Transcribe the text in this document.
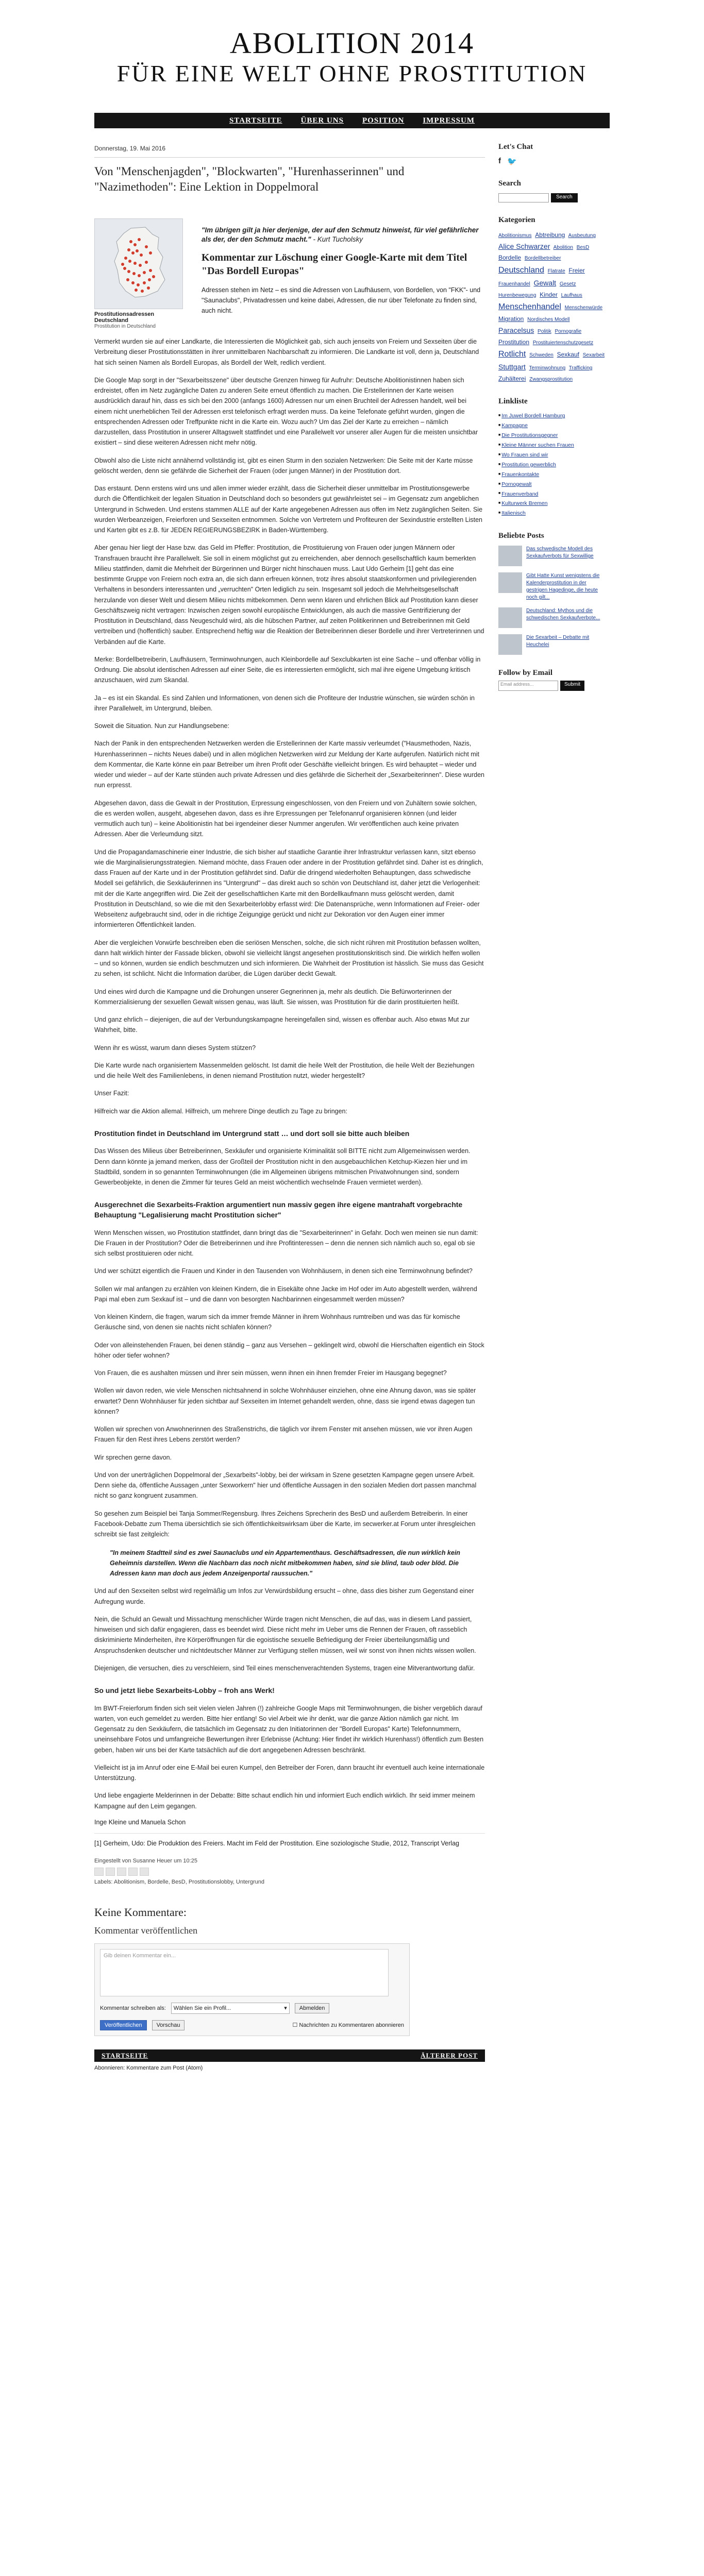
ABOLITION 2014
FÜR EINE WELT OHNE PROSTITUTION
STARTSEITE ÜBER UNS POSITION IMPRESSUM
Donnerstag, 19. Mai 2016
Von "Menschenjagden", "Blockwarten", "Hurenhasserinnen" und "Nazimethoden": Eine Lektion in Doppelmoral
Prostitutionsadressen Deutschland
Prostitution in Deutschland
"Im übrigen gilt ja hier derjenige, der auf den Schmutz hinweist, für viel gefährlicher als der, der den Schmutz macht." - Kurt Tucholsky
Kommentar zur Löschung einer Google-Karte mit dem Titel "Das Bordell Europas"
Adressen stehen im Netz – es sind die Adressen von Laufhäusern, von Bordellen, von "FKK"- und "Saunaclubs", Privatadressen und keine dabei, Adressen, die nur über Telefonate zu finden sind, auch nicht.
Vermerkt wurden sie auf einer Landkarte, die Interessierten die Möglichkeit gab, sich auch jenseits von Freiern und Sexseiten über die Verbreitung dieser Prostitutionsstätten in ihrer unmittelbaren Nachbarschaft zu informieren. Die Landkarte ist voll, denn ja, Deutschland hat sich seinen Namen als Bordell Europas, als Bordell der Welt, redlich verdient.
Die Google Map sorgt in der "Sexarbeitsszene" über deutsche Grenzen hinweg für Aufruhr: Deutsche Abolitionistinnen haben sich erdreistet, offen im Netz zugängliche Daten zu anderen Seite erneut öffentlich zu machen. Die Erstellerinnen der Karte weisen ausdrücklich darauf hin, dass es sich bei den 2000 (anfangs 1600) Adressen nur um einen Bruchteil der Adressen handelt, weil bei einem nicht unerheblichen Teil der Adressen erst telefonisch erfragt werden muss. Da keine Telefonate geführt wurden, gingen die entsprechenden Adressen oder Treffpunkte nicht in die Karte ein. Wozu auch? Um das Ziel der Karte zu erreichen – nämlich darzustellen, dass Prostitution in unserer Alltagswelt stattfindet und eine Parallelwelt vor unserer aller Augen für die meisten unsichtbar existiert – sind diese weiteren Adressen nicht mehr nötig.
Obwohl also die Liste nicht annähernd vollständig ist, gibt es einen Sturm in den sozialen Netzwerken: Die Seite mit der Karte müsse gelöscht werden, denn sie gefährde die Sicherheit der Frauen (oder jungen Männer) in der Prostitution dort.
Das erstaunt. Denn erstens wird uns und allen immer wieder erzählt, dass die Sicherheit dieser unmittelbar im Prostitutionsgewerbe durch die Öffentlichkeit der legalen Situation in Deutschland doch so besonders gut gewährleistet sei – im Gegensatz zum angeblichen Untergrund in Schweden. Und erstens stammen ALLE auf der Karte angegebenen Adressen aus offen im Netz zugänglichen Seiten. Sie wurden Werbeanzeigen, Freierforen und Sexseiten entnommen. Solche von Vertretern und Profiteuren der Sexindustrie erstellten Listen und Karten gibt es z.B. für JEDEN REGIERUNGSBEZIRK in Baden-Württemberg.
Aber genau hier liegt der Hase bzw. das Geld im Pfeffer: Prostitution, die Prostituierung von Frauen oder jungen Männern oder Transfrauen braucht ihre Parallelwelt. Sie soll in einem möglichst gut zu erreichenden, aber dennoch gesellschaftlich kaum bemerkten Milieu stattfinden, damit die Mehrheit der Bürgerinnen und Bürger nicht hinschauen muss. Laut Udo Gerheim [1] geht das eine bestimmte Gruppe von Freiern noch extra an, die sich dann erfreuen können, trotz ihres absolut staatskonformen und privilegierenden Verhaltens in besonders interessanten und „verruchten" Orten lediglich zu sein. Insgesamt soll jedoch die Mehrheitsgesellschaft herzulande von dieser Welt und diesem Milieu nichts mitbekommen. Denn wenn klaren und ehrlichen Blick auf Prostitution kann dieser Geschäftszweig nicht vertragen: Inzwischen zeigen sowohl europäische Entwicklungen, als auch die massive Gentrifizierung der Prostitution in Deutschland, dass Neugeschuld wird, als die hübschen Partner, auf zeiten Politikerinnen und Betreiberinnen mit Geld vertreiben und (hoffentlich) sauber. Entsprechend heftig war die Reaktion der Betreiberinnen dieser Bordelle und ihrer Vertreterinnen und Verbänden auf die Karte.
Merke: Bordellbetreiberin, Laufhäusern, Terminwohnungen, auch Kleinbordelle auf Sexclubkarten ist eine Sache – und offenbar völlig in Ordnung. Die absolut identischen Adressen auf einer Seite, die es interessierten ermöglicht, sich mal ihre eigene Umgebung kritisch anzuschauen, wird zum Skandal.
Ja – es ist ein Skandal. Es sind Zahlen und Informationen, von denen sich die Profiteure der Industrie wünschen, sie würden schön in ihrer Parallelwelt, im Untergrund, bleiben.
Soweit die Situation. Nun zur Handlungsebene:
Nach der Panik in den entsprechenden Netzwerken werden die Erstellerinnen der Karte massiv verleumdet ("Hausmethoden, Nazis, Hurenhasserinnen – nichts Neues dabei) und in allen möglichen Netzwerken wird zur Meldung der Karte aufgerufen. Natürlich nicht mit dem Kommentar, die Karte könne ein paar Betreiber um ihren Profit oder Geschäfte vielleicht bringen. Es wird behauptet – wieder und wieder und wieder – auf der Karte stünden auch private Adressen und dies gefährde die Sicherheit der „Sexarbeiterinnen". Diese wurden nun erpresst.
Abgesehen davon, dass die Gewalt in der Prostitution, Erpressung eingeschlossen, von den Freiern und von Zuhältern sowie solchen, die es werden wollen, ausgeht, abgesehen davon, dass es ihre Erpressungen per Telefonanruf organisieren können (und leider vermutlich auch tun) – keine Abolitionistin hat bei irgendeiner dieser Nummer angerufen. Wir veröffentlichen auch keine privaten Adressen. Aber die Verleumdung sitzt.
Und die Propagandamaschinerie einer Industrie, die sich bisher auf staatliche Garantie ihrer Infrastruktur verlassen kann, sitzt ebenso wie die Marginalisierungsstrategien. Niemand möchte, dass Frauen oder andere in der Prostitution gefährdet sind. Daher ist es dringlich, dass Frauen auf der Karte und in der Prostitution gefährdet sind. Dafür die dringend wiederholten Behauptungen, dass schwedische Modell sei gefährlich, die Sexkäuferinnen ins "Untergrund" – das direkt auch so schön von Deutschland ist, daher jetzt die Verlogenheit: mit der die Karte angegriffen wird. Die Zeit der gesellschaftlichen Karte mit den Bordellkaufmann muss gelöscht werden, damit Prostitution in Deutschland, so wie die mit den Sexarbeiterlobby erfasst wird: Die Datenansprüche, wenn Informationen auf Freier- oder Webseitenz aufgebraucht sind, oder in die richtige Zeigungige gerückt und nicht zur Dekoration vor den Augen einer immer informierteren Öffentlichkeit landen.
Aber die vergleichen Vorwürfe beschreiben eben die seriösen Menschen, solche, die sich nicht rühren mit Prostitution befassen wollten, dann halt wirklich hinter der Fassade blicken, obwohl sie vielleicht längst angesehen prostitutionskritisch sind. Die wirklich helfen wollen – und so können, wurden sie endlich beschmutzen und sich informieren. Die Wahrheit der Prostitution ist hässlich. Sie muss das Gesicht zu sehen, ist schlicht. Nicht die Information darüber, die Lügen darüber deckt Gewalt.
Und eines wird durch die Kampagne und die Drohungen unserer Gegnerinnen ja, mehr als deutlich. Die Befürworterinnen der Kommerzialisierung der sexuellen Gewalt wissen genau, was läuft. Sie wissen, was Prostitution für die darin prostituierten heißt.
Und ganz ehrlich – diejenigen, die auf der Verbundungskampagne hereingefallen sind, wissen es offenbar auch. Also etwas Mut zur Wahrheit, bitte.
Wenn ihr es wüsst, warum dann dieses System stützen?
Die Karte wurde nach organisiertem Massenmelden gelöscht. Ist damit die heile Welt der Prostitution, die heile Welt der Beziehungen und die heile Welt des Familienlebens, in denen niemand Prostitution nutzt, wieder hergestellt?
Unser Fazit:
Hilfreich war die Aktion allemal. Hilfreich, um mehrere Dinge deutlich zu Tage zu bringen:
Prostitution findet in Deutschland im Untergrund statt … und dort soll sie bitte auch bleiben
Das Wissen des Milieus über Betreiberinnen, Sexkäufer und organisierte Kriminalität soll BITTE nicht zum Allgemeinwissen werden. Denn dann könnte ja jemand merken, dass der Großteil der Prostitution nicht in den ausgebauchlichen Ketchup-Kiezen hier und im Stadtbild, sondern in so genannten Terminwohnungen (die im Allgemeinen übrigens mitmischen Privatwohnungen sind, sondern Gewerbeobjekte, in denen die Zimmer für teures Geld an meist wöchentlich wechselnde Frauen vermietet werden).
Ausgerechnet die Sexarbeits-Fraktion argumentiert nun massiv gegen ihre eigene mantrahaft vorgebrachte Behauptung "Legalisierung macht Prostitution sicher"
Wenn Menschen wissen, wo Prostitution stattfindet, dann bringt das die "Sexarbeiterinnen" in Gefahr. Doch wen meinen sie nun damit: Die Frauen in der Prostitution? Oder die Betreiberinnen und ihre Profitinteressen – denn die nennen sich nämlich auch so, egal ob sie sich selbst prostituieren oder nicht.
Und wer schützt eigentlich die Frauen und Kinder in den Tausenden von Wohnhäusern, in denen sich eine Terminwohnung befindet?
Sollen wir mal anfangen zu erzählen von kleinen Kindern, die in Eisekälte ohne Jacke im Hof oder im Auto abgestellt werden, während Papi mal eben zum Sexkauf ist – und die dann von besorgten Nachbarinnen eingesammelt werden müssen?
Von kleinen Kindern, die fragen, warum sich da immer fremde Männer in ihrem Wohnhaus rumtreiben und was das für komische Geräusche sind, von denen sie nachts nicht schlafen können?
Oder von alleinstehenden Frauen, bei denen ständig – ganz aus Versehen – geklingelt wird, obwohl die Hierschaften eigentlich ein Stock höher oder tiefer wohnen?
Von Frauen, die es aushalten müssen und ihrer sein müssen, wenn ihnen ein ihnen fremder Freier im Hausgang begegnet?
Wollen wir davon reden, wie viele Menschen nichtsahnend in solche Wohnhäuser einziehen, ohne eine Ahnung davon, was sie später erwartet? Denn Wohnhäuser für jeden sichtbar auf Sexseiten im Internet gehandelt werden, ohne, dass sie irgend etwas dagegen tun können?
Wollen wir sprechen von Anwohnerinnen des Straßenstrichs, die täglich vor ihrem Fenster mit ansehen müssen, wie vor ihren Augen Frauen für den Rest ihres Lebens zerstört werden?
Wir sprechen gerne davon.
Und von der unerträglichen Doppelmoral der „Sexarbeits"-lobby, bei der wirksam in Szene gesetzten Kampagne gegen unsere Arbeit. Denn siehe da, öffentliche Aussagen „unter Sexworkern" hier und öffentliche Aussagen in den sozialen Medien dort passen manchmal nicht so ganz kongruent zusammen.
So gesehen zum Beispiel bei Tanja Sommer/Regensburg. Ihres Zeichens Sprecherin des BesD und außerdem Betreiberin. In einer Facebook-Debatte zum Thema übersichtlich sie sich öffentlichkeitswirksam über die Karte, im secwerker.at Forum unter ihresgleichen schreibt sie fast zeitgleich:
"In meinem Stadtteil sind es zwei Saunaclubs und ein Appartementhaus. Geschäftsadressen, die nun wirklich kein Geheimnis darstellen. Wenn die Nachbarn das noch nicht mitbekommen haben, sind sie blind, taub oder blöd. Die Adressen kann man doch aus jedem Anzeigenportal raussuchen."
Und auf den Sexseiten selbst wird regelmäßig um Infos zur Verwürdsbildung ersucht – ohne, dass dies bisher zum Gegenstand einer Aufregung wurde.
Nein, die Schuld an Gewalt und Missachtung menschlicher Würde tragen nicht Menschen, die auf das, was in diesem Land passiert, hinweisen und sich dafür engagieren, dass es beendet wird. Diese nicht mehr im Ueber ums die Rennen der Frauen, oft rasseblich diskriminierte Minderheiten, ihre Körperöffnungen für die egoistische sexuelle Befriedigung der Freier überteilungsmäßig und Anspruchsdenken deutscher und nichtdeutscher Männer zur Verfügung stellen müssen, weil wir sonst von ihnen nichts wissen wollen.
Diejenigen, die versuchen, dies zu verschleiern, sind Teil eines menschenverachtenden Systems, tragen eine Mitverantwortung dafür.
So und jetzt liebe Sexarbeits-Lobby – froh ans Werk!
Im BWT-Freierforum finden sich seit vielen vielen Jahren (!) zahlreiche Google Maps mit Terminwohnungen, die bisher vergeblich darauf warten, von euch gemeldet zu werden. Bitte hier entlang! So viel Arbeit wie ihr denkt, war die ganze Aktion nämlich gar nicht. Im Gegensatz zu den Sexkäufern, die tatsächlich im Gegensatz zu den Initiatorinnen der "Bordell Europas" Karte) Telefonnummern, uneinsehbare Fotos und umfangreiche Bewertungen ihrer Erlebnisse (Achtung: Hier findet ihr wirklich Hurenhass!) öffentlich zum Besten geben, haben wir uns bei der Karte tatsächlich auf die dort angegebenen Adressen beschränkt.
Vielleicht ist ja im Anruf oder eine E-Mail bei euren Kumpel, den Betreiber der Foren, dann braucht ihr eventuell auch keine internationale Unterstützung.
Und liebe engagierte Melderinnen in der Debatte: Bitte schaut endlich hin und informiert Euch endlich wirklich. Ihr seid immer meinem Kampagne auf den Leim gegangen.
Inge Kleine und Manuela Schon
[1] Gerheim, Udo: Die Produktion des Freiers. Macht im Feld der Prostitution. Eine soziologische Studie, 2012, Transcript Verlag
Eingestellt von Susanne Heuer um 10:25
Labels: Abolitionism, Bordelle, BesD, Prostitutionslobby, Untergrund
Keine Kommentare:
Kommentar veröffentlichen
Gib deinen Kommentar ein...
Kommentar schreiben als: Wählen Sie ein Profil...	▾	Abmelden
Veröffentlichen	Vorschau	☐ Nachrichten zu Kommentaren abonnieren
STARTSEITE	ÄLTERER POST
Abonnieren: Kommentare zum Post (Atom)
Let's Chat
f 🐦
Search
Search
Kategorien
Abolitionismus Abtreibung Ausbeutung Alice Schwarzer Abolition BesD Bordelle Bordellbetreiber Deutschland Flatrate Freier Frauenhandel Gewalt Gesetz Hurenbewegung Kinder Laufhaus Menschenhandel Menschenwürde Migration Nordisches Modell Paracelsus Politik Pornografie Prostitution Prostituiertenschutzgesetz Rotlicht Schweden Sexkauf Sexarbeit Stuttgart Terminwohnung Trafficking Zuhälterei Zwangsprostitution
Linkliste
■ Im Juwel Bordell Hamburg
■ Kampagne
■ Die Prostitutionsgegner
■ Kleine Männer suchen Frauen
■ Wo Frauen sind wir
■ Prostitution gewerblich
■ Frauenkontakte
■ Pornogewalt
■ Frauenverband
■ Kulturwerk Bremen
■ Italienisch
Beliebte Posts
Das schwedische Modell des Sexkaufverbots für Sexwillige
Gibt Hatte Kunst wenigstens die Kalenderprostitution in der gestrigen Hagedinge, die heute noch gilt...
Deutschland: Mythos und die schwedischen Sexkaufverbote...
Die Sexarbeit – Debatte mit Heuchelei
Follow by Email
Email address...	Submit
